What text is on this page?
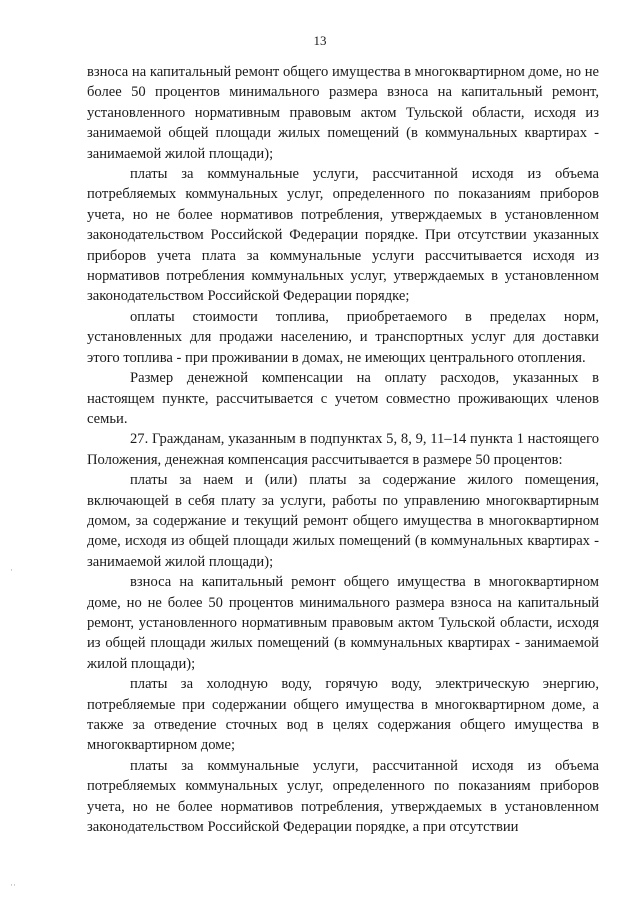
13

взноса на капитальный ремонт общего имущества в многоквартирном доме, но не более 50 процентов минимального размера взноса на капитальный ремонт, установленного нормативным правовым актом Тульской области, исходя из занимаемой общей площади жилых помещений (в коммунальных квартирах - занимаемой жилой площади);

платы за коммунальные услуги, рассчитанной исходя из объема потребляемых коммунальных услуг, определенного по показаниям приборов учета, но не более нормативов потребления, утверждаемых в установленном законодательством Российской Федерации порядке. При отсутствии указанных приборов учета плата за коммунальные услуги рассчитывается исходя из нормативов потребления коммунальных услуг, утверждаемых в установленном законодательством Российской Федерации порядке;

оплаты стоимости топлива, приобретаемого в пределах норм, установленных для продажи населению, и транспортных услуг для доставки этого топлива - при проживании в домах, не имеющих центрального отопления.

Размер денежной компенсации на оплату расходов, указанных в настоящем пункте, рассчитывается с учетом совместно проживающих членов семьи.

27. Гражданам, указанным в подпунктах 5, 8, 9, 11–14 пункта 1 настоящего Положения, денежная компенсация рассчитывается в размере 50 процентов:

платы за наем и (или) платы за содержание жилого помещения, включающей в себя плату за услуги, работы по управлению многоквартирным домом, за содержание и текущий ремонт общего имущества в многоквартирном доме, исходя из общей площади жилых помещений (в коммунальных квартирах - занимаемой жилой площади);

взноса на капитальный ремонт общего имущества в многоквартирном доме, но не более 50 процентов минимального размера взноса на капитальный ремонт, установленного нормативным правовым актом Тульской области, исходя из общей площади жилых помещений (в коммунальных квартирах - занимаемой жилой площади);

платы за холодную воду, горячую воду, электрическую энергию, потребляемые при содержании общего имущества в многоквартирном доме, а также за отведение сточных вод в целях содержания общего имущества в многоквартирном доме;

платы за коммунальные услуги, рассчитанной исходя из объема потребляемых коммунальных услуг, определенного по показаниям приборов учета, но не более нормативов потребления, утверждаемых в установленном законодательством Российской Федерации порядке, а при отсутствии

·
··
